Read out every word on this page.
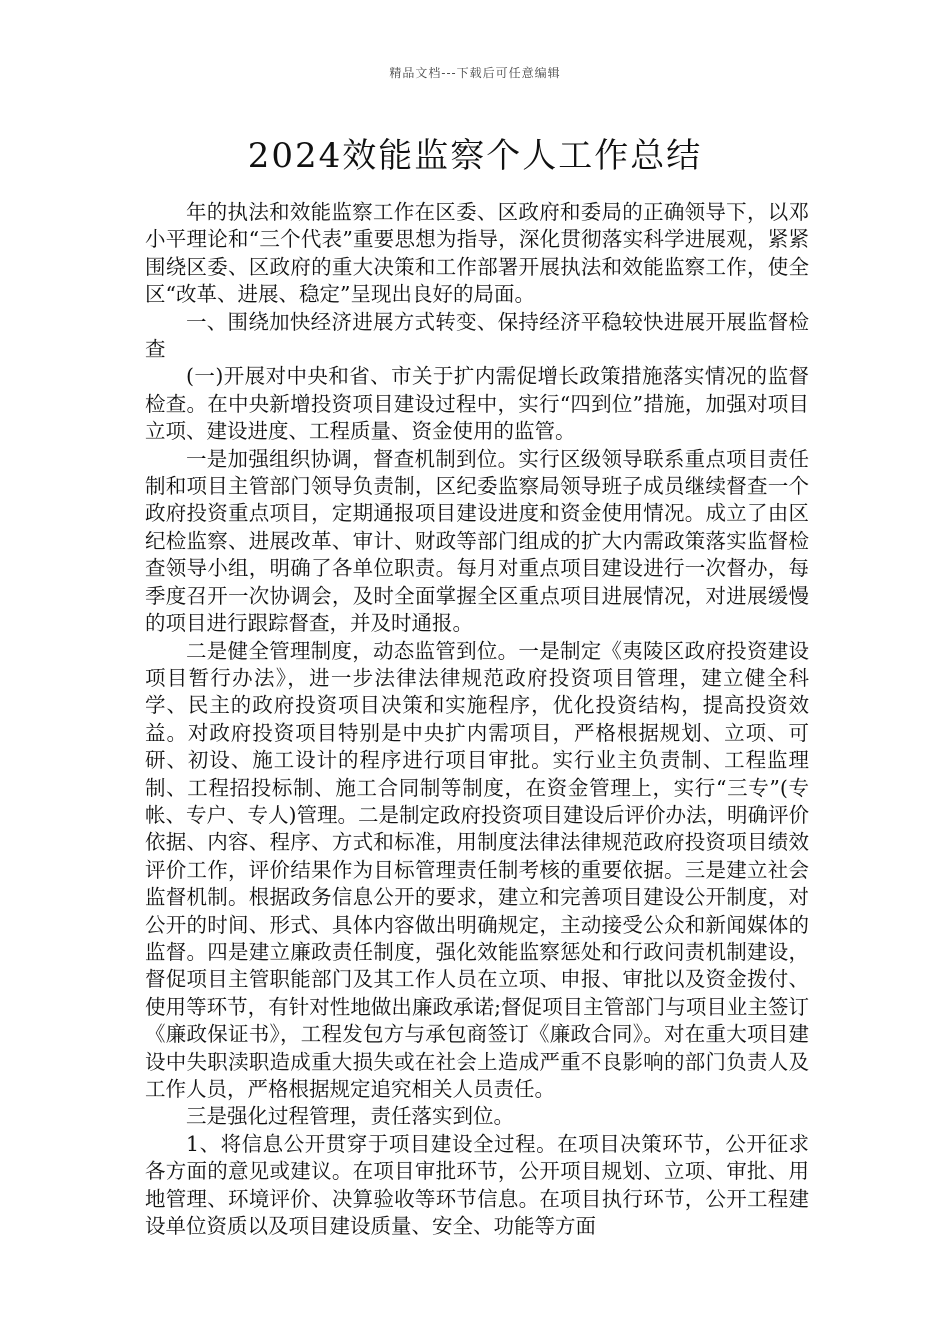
精品文档---下载后可任意编辑
2024效能监察个人工作总结

年的执法和效能监察工作在区委、区政府和委局的正确领导下，以邓小平理论和“三个代表”重要思想为指导，深化贯彻落实科学进展观，紧紧围绕区委、区政府的重大决策和工作部署开展执法和效能监察工作，使全区“改革、进展、稳定”呈现出良好的局面。

一、围绕加快经济进展方式转变、保持经济平稳较快进展开展监督检查

(一)开展对中央和省、市关于扩内需促增长政策措施落实情况的监督检查。在中央新增投资项目建设过程中，实行“四到位”措施，加强对项目立项、建设进度、工程质量、资金使用的监管。

一是加强组织协调，督查机制到位。实行区级领导联系重点项目责任制和项目主管部门领导负责制，区纪委监察局领导班子成员继续督查一个政府投资重点项目，定期通报项目建设进度和资金使用情况。成立了由区纪检监察、进展改革、审计、财政等部门组成的扩大内需政策落实监督检查领导小组，明确了各单位职责。每月对重点项目建设进行一次督办，每季度召开一次协调会，及时全面掌握全区重点项目进展情况，对进展缓慢的项目进行跟踪督查，并及时通报。

二是健全管理制度，动态监管到位。一是制定《夷陵区政府投资建设项目暂行办法》，进一步法律法律规范政府投资项目管理，建立健全科学、民主的政府投资项目决策和实施程序，优化投资结构，提高投资效益。对政府投资项目特别是中央扩内需项目，严格根据规划、立项、可研、初设、施工设计的程序进行项目审批。实行业主负责制、工程监理制、工程招投标制、施工合同制等制度，在资金管理上，实行“三专”(专帐、专户、专人)管理。二是制定政府投资项目建设后评价办法，明确评价依据、内容、程序、方式和标准，用制度法律法律规范政府投资项目绩效评价工作，评价结果作为目标管理责任制考核的重要依据。三是建立社会监督机制。根据政务信息公开的要求，建立和完善项目建设公开制度，对公开的时间、形式、具体内容做出明确规定，主动接受公众和新闻媒体的监督。四是建立廉政责任制度，强化效能监察惩处和行政问责机制建设，督促项目主管职能部门及其工作人员在立项、申报、审批以及资金拨付、使用等环节，有针对性地做出廉政承诺;督促项目主管部门与项目业主签订《廉政保证书》，工程发包方与承包商签订《廉政合同》。对在重大项目建设中失职渎职造成重大损失或在社会上造成严重不良影响的部门负责人及工作人员，严格根据规定追究相关人员责任。

三是强化过程管理，责任落实到位。

1、将信息公开贯穿于项目建设全过程。在项目决策环节，公开征求各方面的意见或建议。在项目审批环节，公开项目规划、立项、审批、用地管理、环境评价、决算验收等环节信息。在项目执行环节，公开工程建设单位资质以及项目建设质量、安全、功能等方面
